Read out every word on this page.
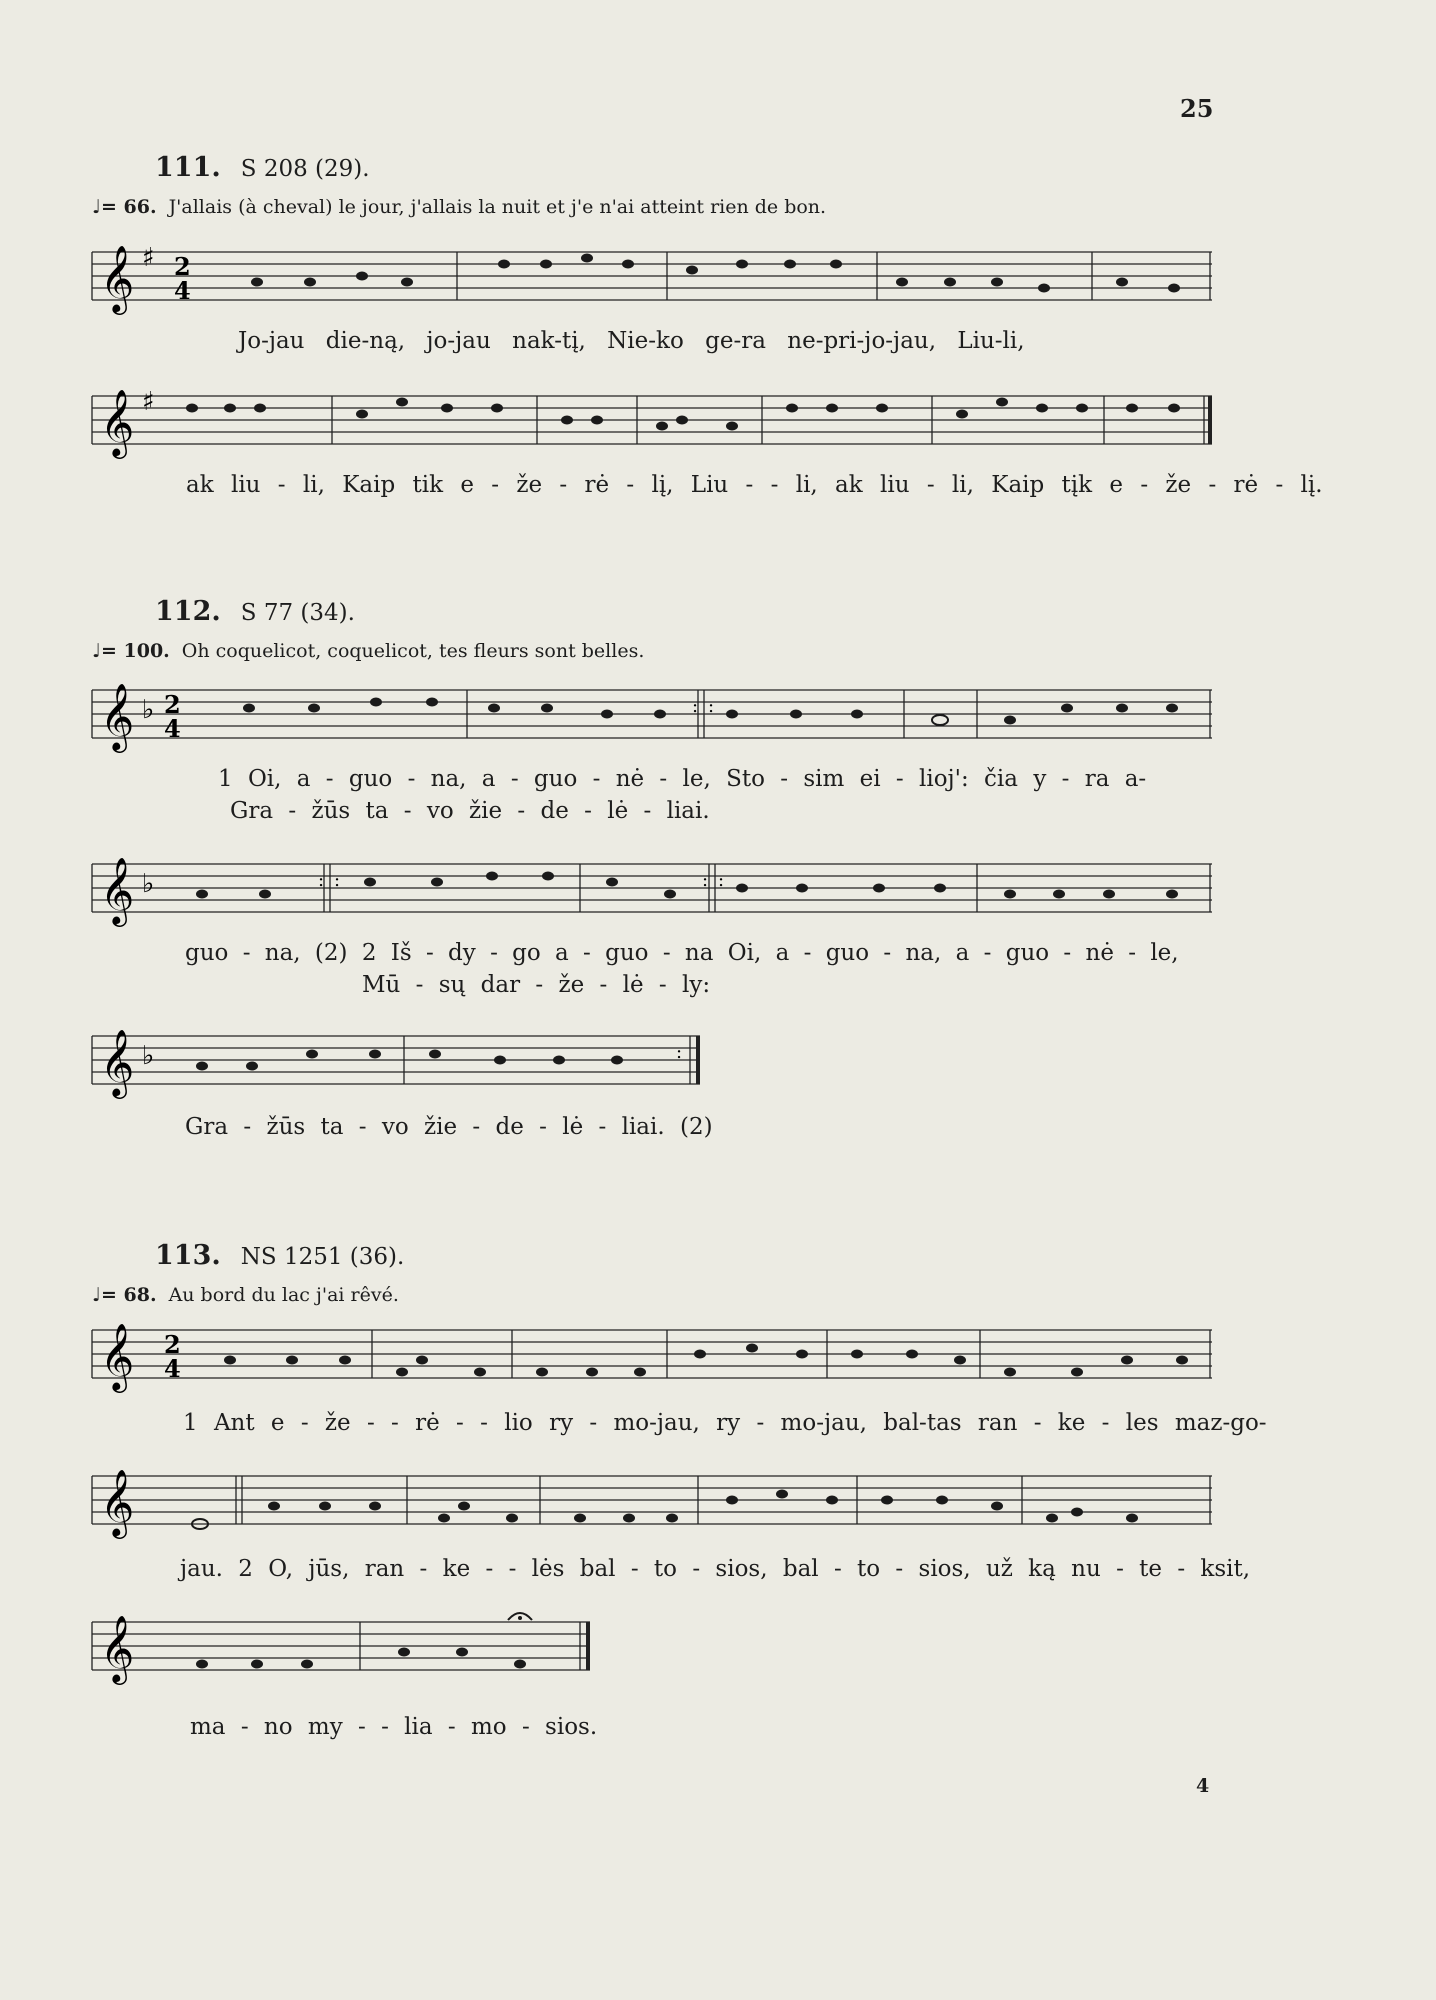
25
111. S 208 (29).
♩= 66. J'allais (à cheval) le jour, j'allais la nuit et j'e n'ai atteint rien de bon.
𝄞 ♯ 2
4
Jo-jau die-ną, jo-jau nak-tį, Nie-ko ge-ra ne-pri-jo-jau, Liu-li,
𝄞 ♯
ak liu - li, Kaip tik e - že - rė - lį, Liu - - li, ak liu - li, Kaip tįk e - že - rė - lį.
112. S 77 (34).
♩= 100. Oh coquelicot, coquelicot, tes fleurs sont belles.
: :
𝄞 ♭ 2
4
1 Oi, a - guo - na, a - guo - nė - le, Sto - sim ei - lioj': čia y - ra a-
Gra - žūs ta - vo žie - de - lė - liai.
: :	: :
𝄞 ♭
guo - na, (2) 2 Iš - dy - go a - guo - na Oi, a - guo - na, a - guo - nė - le,
Mū - sų dar - že - lė - ly:
:
𝄞 ♭
Gra - žūs ta - vo žie - de - lė - liai. (2)
113. NS 1251 (36).
♩= 68. Au bord du lac j'ai rêvé.
𝄞 2
4
1 Ant e - že - - rė - - lio ry - mo-jau, ry - mo-jau, bal-tas ran - ke - les maz-go-
𝄞
jau. 2 O, jūs, ran - ke - - lės bal - to - sios, bal - to - sios, už ką nu - te - ksit,
𝄞
ma - no my - - lia - mo - sios.
4
